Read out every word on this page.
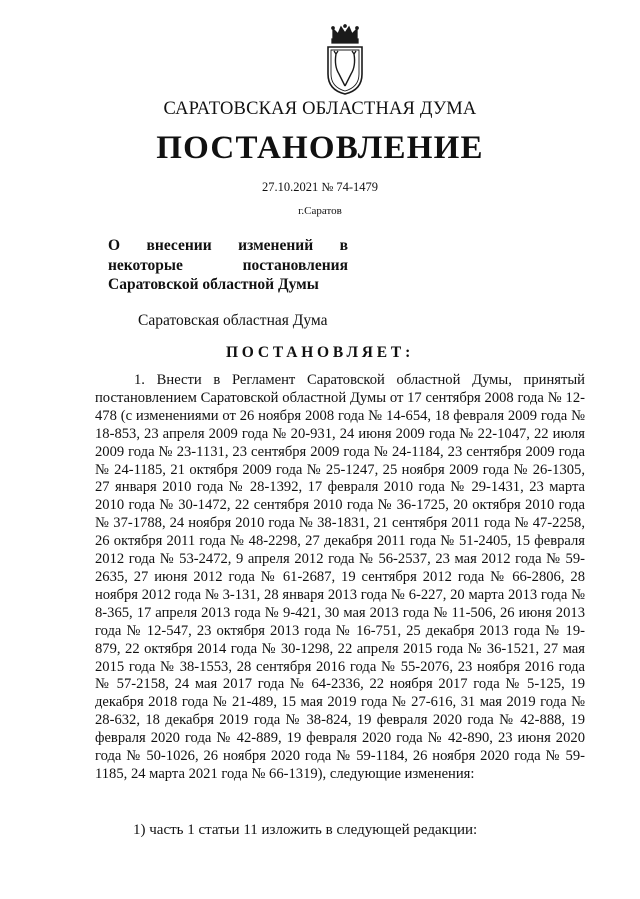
САРАТОВСКАЯ ОБЛАСТНАЯ ДУМА
ПОСТАНОВЛЕНИЕ
27.10.2021 № 74-1479
г.Саратов
О внесении изменений в некоторые постановления Саратовской областной Думы
Саратовская областная Дума
ПОСТАНОВЛЯЕТ:
1. Внести в Регламент Саратовской областной Думы, принятый постановлением Саратовской областной Думы от 17 сентября 2008 года № 12-478 (с изменениями от 26 ноября 2008 года № 14-654, 18 февраля 2009 года № 18-853, 23 апреля 2009 года № 20-931, 24 июня 2009 года № 22-1047, 22 июля 2009 года № 23-1131, 23 сентября 2009 года № 24-1184, 23 сентября 2009 года № 24-1185, 21 октября 2009 года № 25-1247, 25 ноября 2009 года № 26-1305, 27 января 2010 года № 28-1392, 17 февраля 2010 года № 29-1431, 23 марта 2010 года № 30-1472, 22 сентября 2010 года № 36-1725, 20 октября 2010 года № 37-1788, 24 ноября 2010 года № 38-1831, 21 сентября 2011 года № 47-2258, 26 октября 2011 года № 48-2298, 27 декабря 2011 года № 51-2405, 15 февраля 2012 года № 53-2472, 9 апреля 2012 года № 56-2537, 23 мая 2012 года № 59-2635, 27 июня 2012 года № 61-2687, 19 сентября 2012 года № 66-2806, 28 ноября 2012 года № 3-131, 28 января 2013 года № 6-227, 20 марта 2013 года № 8-365, 17 апреля 2013 года № 9-421, 30 мая 2013 года № 11-506, 26 июня 2013 года № 12-547, 23 октября 2013 года № 16-751, 25 декабря 2013 года № 19-879, 22 октября 2014 года № 30-1298, 22 апреля 2015 года № 36-1521, 27 мая 2015 года № 38-1553, 28 сентября 2016 года № 55-2076, 23 ноября 2016 года № 57-2158, 24 мая 2017 года № 64-2336, 22 ноября 2017 года № 5-125, 19 декабря 2018 года № 21-489, 15 мая 2019 года № 27-616, 31 мая 2019 года № 28-632, 18 декабря 2019 года № 38-824, 19 февраля 2020 года № 42-888, 19 февраля 2020 года № 42-889, 19 февраля 2020 года № 42-890, 23 июня 2020 года № 50-1026, 26 ноября 2020 года № 59-1184, 26 ноября 2020 года № 59-1185, 24 марта 2021 года № 66-1319), следующие изменения:
1) часть 1 статьи 11 изложить в следующей редакции:
